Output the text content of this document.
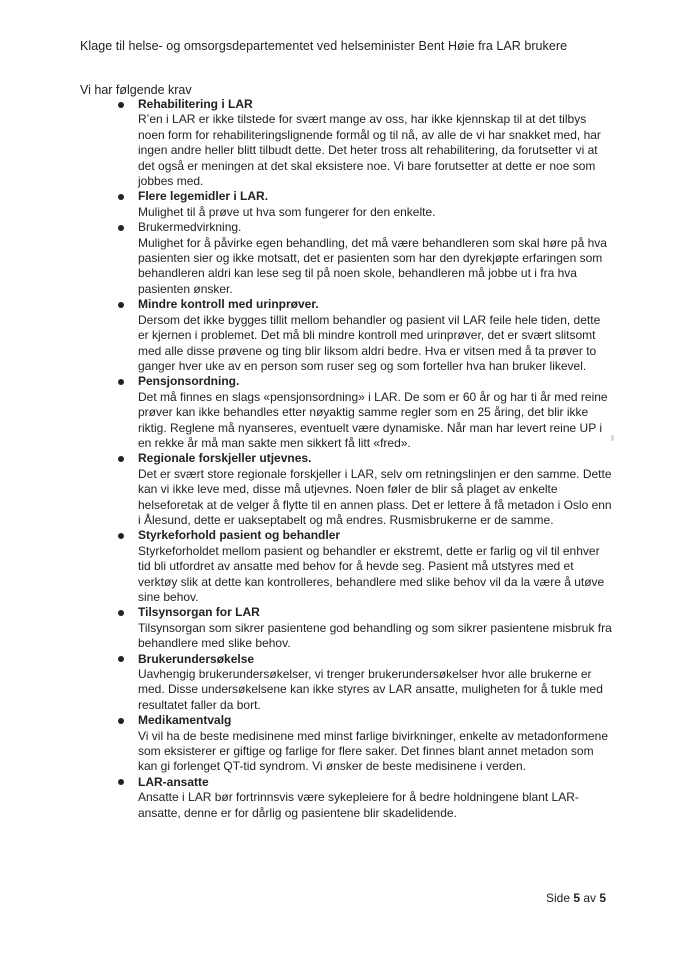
Klage til helse- og omsorgsdepartementet ved helseminister Bent Høie fra LAR brukere
Vi har følgende krav
Rehabilitering i LAR
R’en i LAR er ikke tilstede for svært mange av oss, har ikke kjennskap til at det tilbys
noen form for rehabiliteringslignende formål og til nå, av alle de vi har snakket med, har
ingen andre heller blitt tilbudt dette. Det heter tross alt rehabilitering, da forutsetter vi at
det også er meningen at det skal eksistere noe. Vi bare forutsetter at dette er noe som
jobbes med.
Flere legemidler i LAR.
Mulighet til å prøve ut hva som fungerer for den enkelte.
Brukermedvirkning.
Mulighet for å påvirke egen behandling, det må være behandleren som skal høre på hva
pasienten sier og ikke motsatt, det er pasienten som har den dyrekjøpte erfaringen som
behandleren aldri kan lese seg til på noen skole, behandleren må jobbe ut i fra hva
pasienten ønsker.
Mindre kontroll med urinprøver.
Dersom det ikke bygges tillit mellom behandler og pasient vil LAR feile hele tiden, dette
er kjernen i problemet. Det må bli mindre kontroll med urinprøver, det er svært slitsomt
med alle disse prøvene og ting blir liksom aldri bedre. Hva er vitsen med å ta prøver to
ganger hver uke av en person som ruser seg og som forteller hva han bruker likevel.
Pensjonsordning.
Det må finnes en slags «pensjonsordning» i LAR. De som er 60 år og har ti år med reine
prøver kan ikke behandles etter nøyaktig samme regler som en 25 åring, det blir ikke
riktig. Reglene må nyanseres, eventuelt være dynamiske. Når man har levert reine UP i
en rekke år må man sakte men sikkert få litt «fred».
Regionale forskjeller utjevnes.
Det er svært store regionale forskjeller i LAR, selv om retningslinjen er den samme. Dette
kan vi ikke leve med, disse må utjevnes. Noen føler de blir så plaget av enkelte
helseforetak at de velger å flytte til en annen plass. Det er lettere å få metadon i Oslo enn
i Ålesund, dette er uakseptabelt og må endres. Rusmisbrukerne er de samme.
Styrkeforhold pasient og behandler
Styrkeforholdet mellom pasient og behandler er ekstremt, dette er farlig og vil til enhver
tid bli utfordret av ansatte med behov for å hevde seg. Pasient må utstyres med et
verktøy slik at dette kan kontrolleres, behandlere med slike behov vil da la være å utøve
sine behov.
Tilsynsorgan for LAR
Tilsynsorgan som sikrer pasientene god behandling og som sikrer pasientene misbruk fra
behandlere med slike behov.
Brukerundersøkelse
Uavhengig brukerundersøkelser, vi trenger brukerundersøkelser hvor alle brukerne er
med. Disse undersøkelsene kan ikke styres av LAR ansatte, muligheten for å tukle med
resultatet faller da bort.
Medikamentvalg
Vi vil ha de beste medisinene med minst farlige bivirkninger, enkelte av metadonformene
som eksisterer er giftige og farlige for flere saker. Det finnes blant annet metadon som
kan gi forlenget QT-tid syndrom. Vi ønsker de beste medisinene i verden.
LAR-ansatte
Ansatte i LAR bør fortrinnsvis være sykepleiere for å bedre holdningene blant LAR-
ansatte, denne er for dårlig og pasientene blir skadelidende.
Side 5 av 5
